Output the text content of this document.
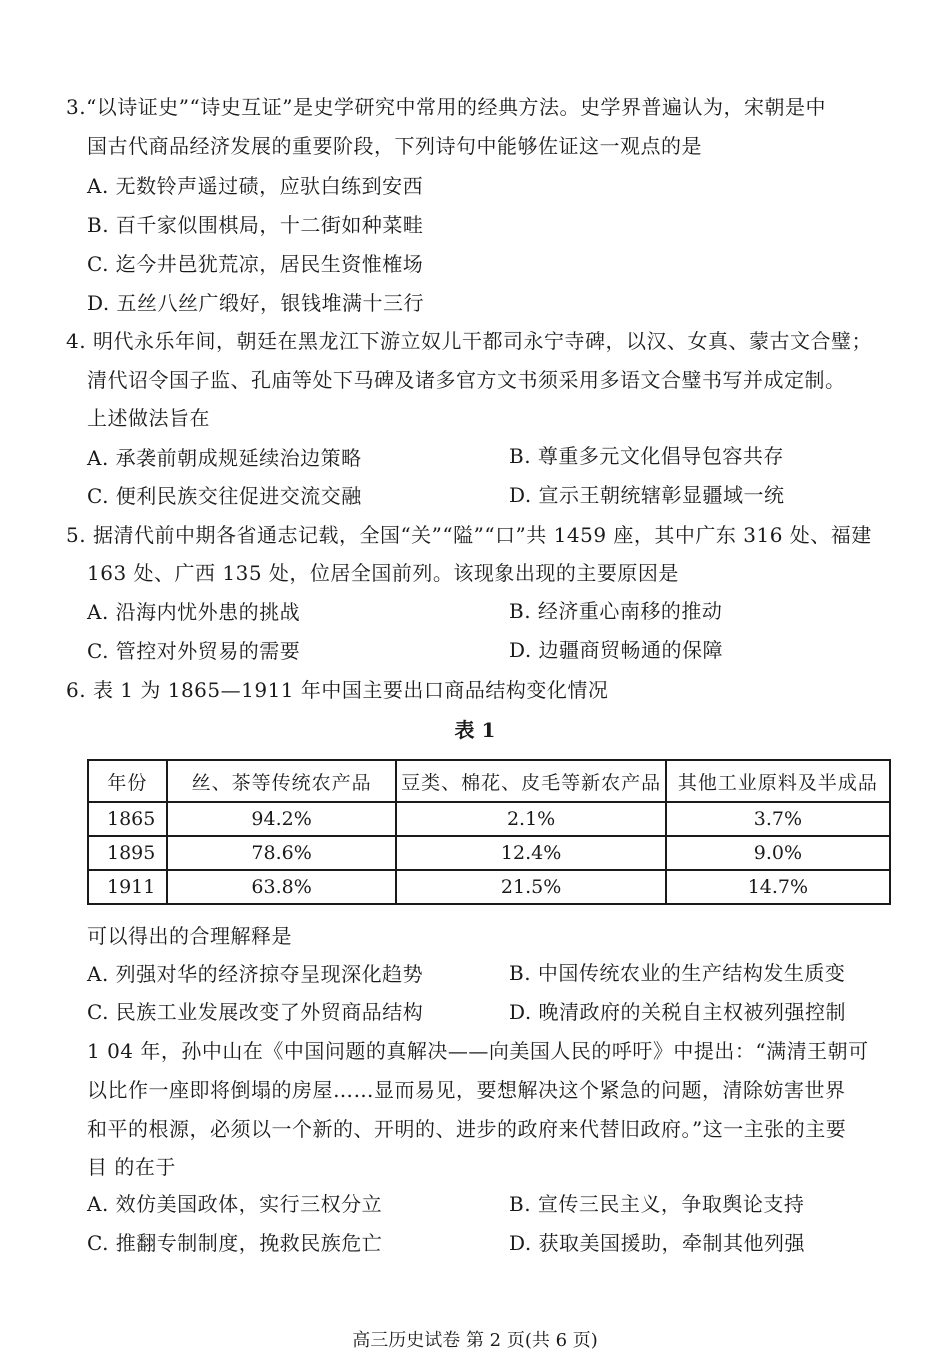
3.“以诗证史”“诗史互证”是史学研究中常用的经典方法。史学界普遍认为，宋朝是中
国古代商品经济发展的重要阶段，下列诗句中能够佐证这一观点的是
A. 无数铃声遥过碛，应驮白练到安西
B. 百千家似围棋局，十二街如种菜畦
C. 迄今井邑犹荒凉，居民生资惟榷场
D. 五丝八丝广缎好，银钱堆满十三行
4. 明代永乐年间，朝廷在黑龙江下游立奴儿干都司永宁寺碑，以汉、女真、蒙古文合璧；
清代诏令国子监、孔庙等处下马碑及诸多官方文书须采用多语文合璧书写并成定制。
上述做法旨在
A. 承袭前朝成规延续治边策略	B. 尊重多元文化倡导包容共存
C. 便利民族交往促进交流交融	D. 宣示王朝统辖彰显疆域一统
5. 据清代前中期各省通志记载，全国“关”“隘”“口”共 1459 座，其中广东 316 处、福建
163 处、广西 135 处，位居全国前列。该现象出现的主要原因是
A. 沿海内忧外患的挑战	B. 经济重心南移的推动
C. 管控对外贸易的需要	D. 边疆商贸畅通的保障
6. 表 1 为 1865—1911 年中国主要出口商品结构变化情况
表 1
年份	丝、茶等传统农产品	豆类、棉花、皮毛等新农产品	其他工业原料及半成品
1865	94.2%	2.1%	3.7%
1895	78.6%	12.4%	9.0%
1911	63.8%	21.5%	14.7%
可以得出的合理解释是
A. 列强对华的经济掠夺呈现深化趋势	B. 中国传统农业的生产结构发生质变
C. 民族工业发展改变了外贸商品结构	D. 晚清政府的关税自主权被列强控制
1 04 年，孙中山在《中国问题的真解决——向美国人民的呼吁》中提出：“满清王朝可
以比作一座即将倒塌的房屋……显而易见，要想解决这个紧急的问题，清除妨害世界
和平的根源，必须以一个新的、开明的、进步的政府来代替旧政府。”这一主张的主要
目 的在于
A. 效仿美国政体，实行三权分立	B. 宣传三民主义，争取舆论支持
C. 推翻专制制度，挽救民族危亡	D. 获取美国援助，牵制其他列强
高三历史试卷 第 2 页(共 6 页)
